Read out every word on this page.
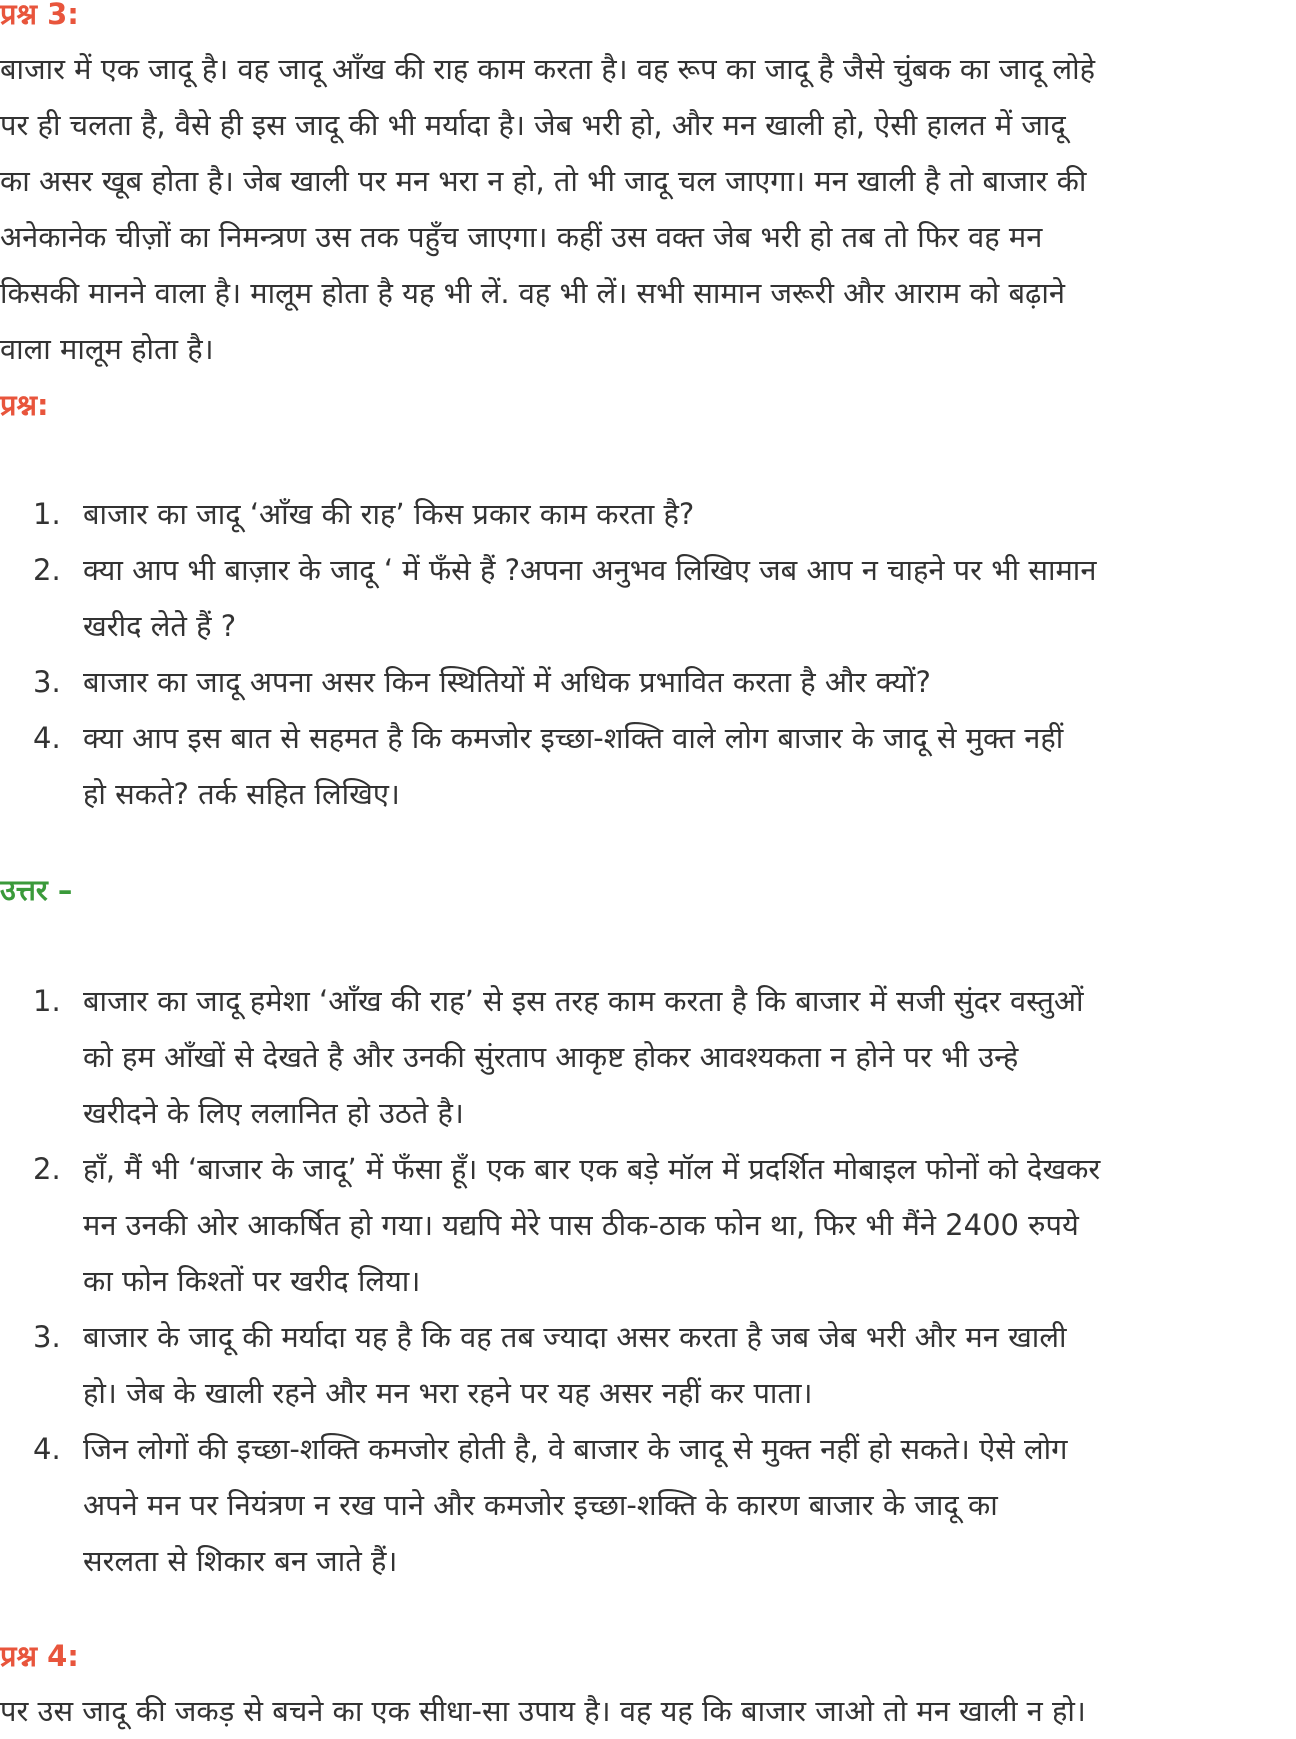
प्रश्न 3:
बाजार में एक जादू है। वह जादू आँख की राह काम करता है। वह रूप का जादू है जैसे चुंबक का जादू लोहे
पर ही चलता है, वैसे ही इस जादू की भी मर्यादा है। जेब भरी हो, और मन खाली हो, ऐसी हालत में जादू
का असर खूब होता है। जेब खाली पर मन भरा न हो, तो भी जादू चल जाएगा। मन खाली है तो बाजार की
अनेकानेक चीज़ों का निमन्त्रण उस तक पहुँच जाएगा। कहीं उस वक्त जेब भरी हो तब तो फिर वह मन
किसकी मानने वाला है। मालूम होता है यह भी लें. वह भी लें। सभी सामान जरूरी और आराम को बढ़ाने
वाला मालूम होता है।
प्रश्न:
1. बाजार का जादू ‘आँख की राह’ किस प्रकार काम करता है?
2. क्या आप भी बाज़ार के जादू ‘ में फँसे हैं ?अपना अनुभव लिखिए जब आप न चाहने पर भी सामान
खरीद लेते हैं ?
3. बाजार का जादू अपना असर किन स्थितियों में अधिक प्रभावित करता है और क्यों?
4. क्या आप इस बात से सहमत है कि कमजोर इच्छा-शक्ति वाले लोग बाजार के जादू से मुक्त नहीं
हो सकते? तर्क सहित लिखिए।
उत्तर –
1. बाजार का जादू हमेशा ‘आँख की राह’ से इस तरह काम करता है कि बाजार में सजी सुंदर वस्तुओं
को हम आँखों से देखते है और उनकी सुंरताप आकृष्ट होकर आवश्यकता न होने पर भी उन्हे
खरीदने के लिए ललानित हो उठते है।
2. हाँ, मैं भी ‘बाजार के जादू’ में फँसा हूँ। एक बार एक बड़े मॉल में प्रदर्शित मोबाइल फोनों को देखकर
मन उनकी ओर आकर्षित हो गया। यद्यपि मेरे पास ठीक-ठाक फोन था, फिर भी मैंने 2400 रुपये
का फोन किश्तों पर खरीद लिया।
3. बाजार के जादू की मर्यादा यह है कि वह तब ज्यादा असर करता है जब जेब भरी और मन खाली
हो। जेब के खाली रहने और मन भरा रहने पर यह असर नहीं कर पाता।
4. जिन लोगों की इच्छा-शक्ति कमजोर होती है, वे बाजार के जादू से मुक्त नहीं हो सकते। ऐसे लोग
अपने मन पर नियंत्रण न रख पाने और कमजोर इच्छा-शक्ति के कारण बाजार के जादू का
सरलता से शिकार बन जाते हैं।
प्रश्न 4:
पर उस जादू की जकड़ से बचने का एक सीधा-सा उपाय है। वह यह कि बाजार जाओ तो मन खाली न हो।
